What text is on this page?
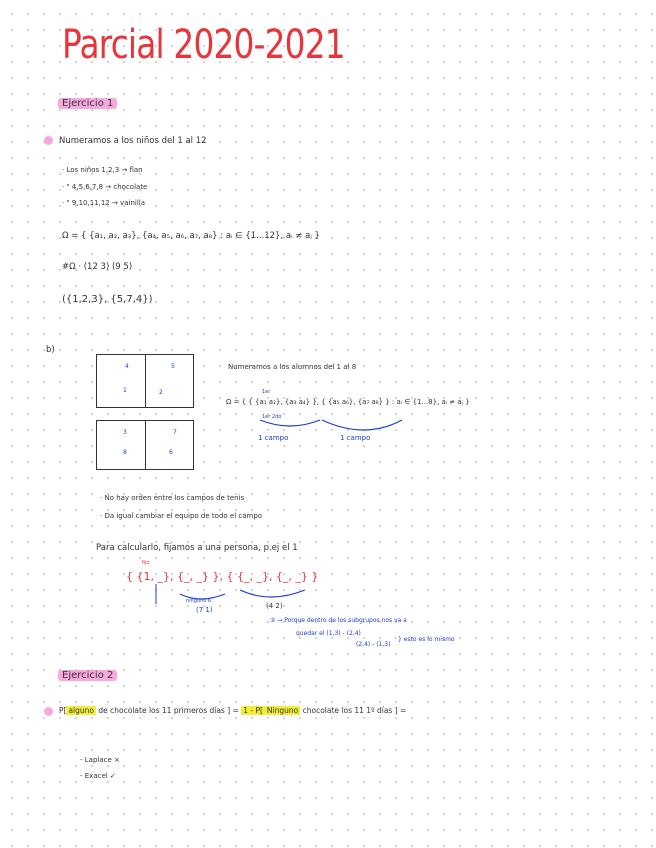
Parcial 2020-2021
Ejercicio 1
Numeramos a los niños del 1 al 12
· Los niños 1,2,3 → flan
· " 4,5,6,7,8 → chocolate
· " 9,10,11,12 → vainilla
Ω = { {a₁, a₂, a₃}, {a₄, a₅, a₆, a₇, a₈} : aᵢ ∈ {1...12}, aᵢ ≠ aⱼ }
#Ω · (12 3) (9 5)
({1,2,3}, {5,7,4})
b)
4	5
1	2
3	7
8	6
Numeramos a los alumnos del 1 al 8
1er
Ω = { { {a₁ a₂}, {a₃ a₄} }, { {a₅ a₆}, {a₇ a₈} } : aᵢ ∈ {1...8}, aᵢ ≠ aⱼ }
1er 2do
1 campo	1 campo
· No hay orden entre los campos de tenis
· Da igual cambiar el equipo de todo el campo
Para calcularlo, fijamos a una persona, p.ej el 1
fijo
{ {1, _}, {_, _} }, { {_, _}, {_, _} }
ninguno 6
(7 1)	(4 2)
② → Porque dentro de los subgrupos nos va a
quedar el (1,3) - (2,4)
(2,4) - (1,3)
} esto es lo mismo
Ejercicio 2
P[ alguno de chocolate los 11 primeros días ] = 1 - P[ Ninguno chocolate los 11 1º días ] =
- Laplace ×
- Exacel ✓
